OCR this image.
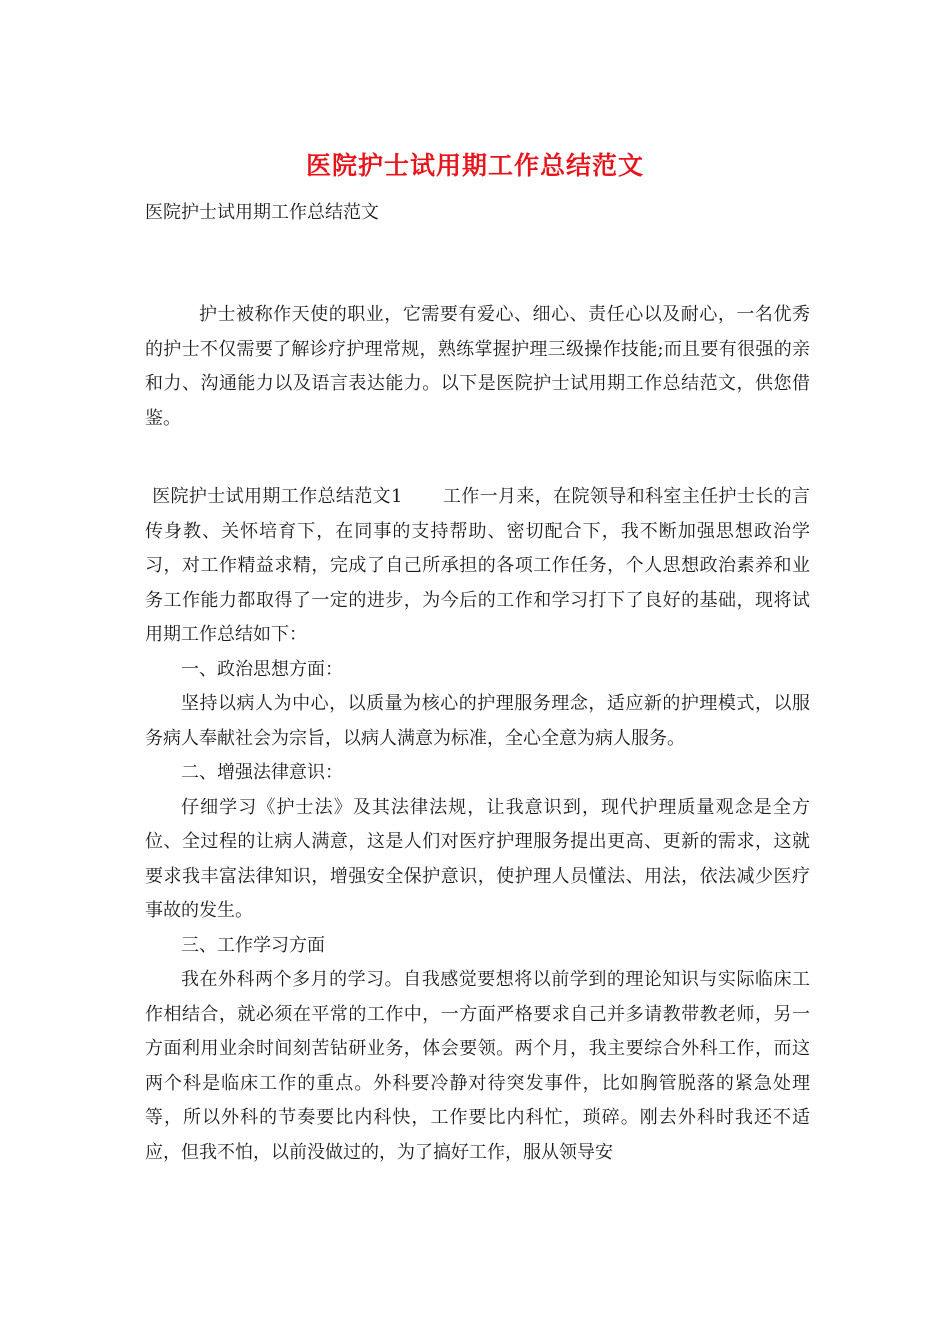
医院护士试用期工作总结范文
医院护士试用期工作总结范文

护士被称作天使的职业，它需要有爱心、细心、责任心以及耐心，一名优秀的护士不仅需要了解诊疗护理常规，熟练掌握护理三级操作技能;而且要有很强的亲和力、沟通能力以及语言表达能力。以下是医院护士试用期工作总结范文，供您借鉴。

医院护士试用期工作总结范文1 工作一月来，在院领导和科室主任护士长的言传身教、关怀培育下，在同事的支持帮助、密切配合下，我不断加强思想政治学习，对工作精益求精，完成了自己所承担的各项工作任务，个人思想政治素养和业务工作能力都取得了一定的进步，为今后的工作和学习打下了良好的基础，现将试用期工作总结如下：

一、政治思想方面：

坚持以病人为中心，以质量为核心的护理服务理念，适应新的护理模式，以服务病人奉献社会为宗旨，以病人满意为标准，全心全意为病人服务。

二、增强法律意识：

仔细学习《护士法》及其法律法规，让我意识到，现代护理质量观念是全方位、全过程的让病人满意，这是人们对医疗护理服务提出更高、更新的需求，这就要求我丰富法律知识，增强安全保护意识，使护理人员懂法、用法，依法减少医疗事故的发生。

三、工作学习方面

我在外科两个多月的学习。自我感觉要想将以前学到的理论知识与实际临床工作相结合，就必须在平常的工作中，一方面严格要求自己并多请教带教老师，另一方面利用业余时间刻苦钻研业务，体会要领。两个月，我主要综合外科工作，而这两个科是临床工作的重点。外科要冷静对待突发事件，比如胸管脱落的紧急处理等，所以外科的节奏要比内科快，工作要比内科忙，琐碎。刚去外科时我还不适应，但我不怕，以前没做过的，为了搞好工作，服从领导安
